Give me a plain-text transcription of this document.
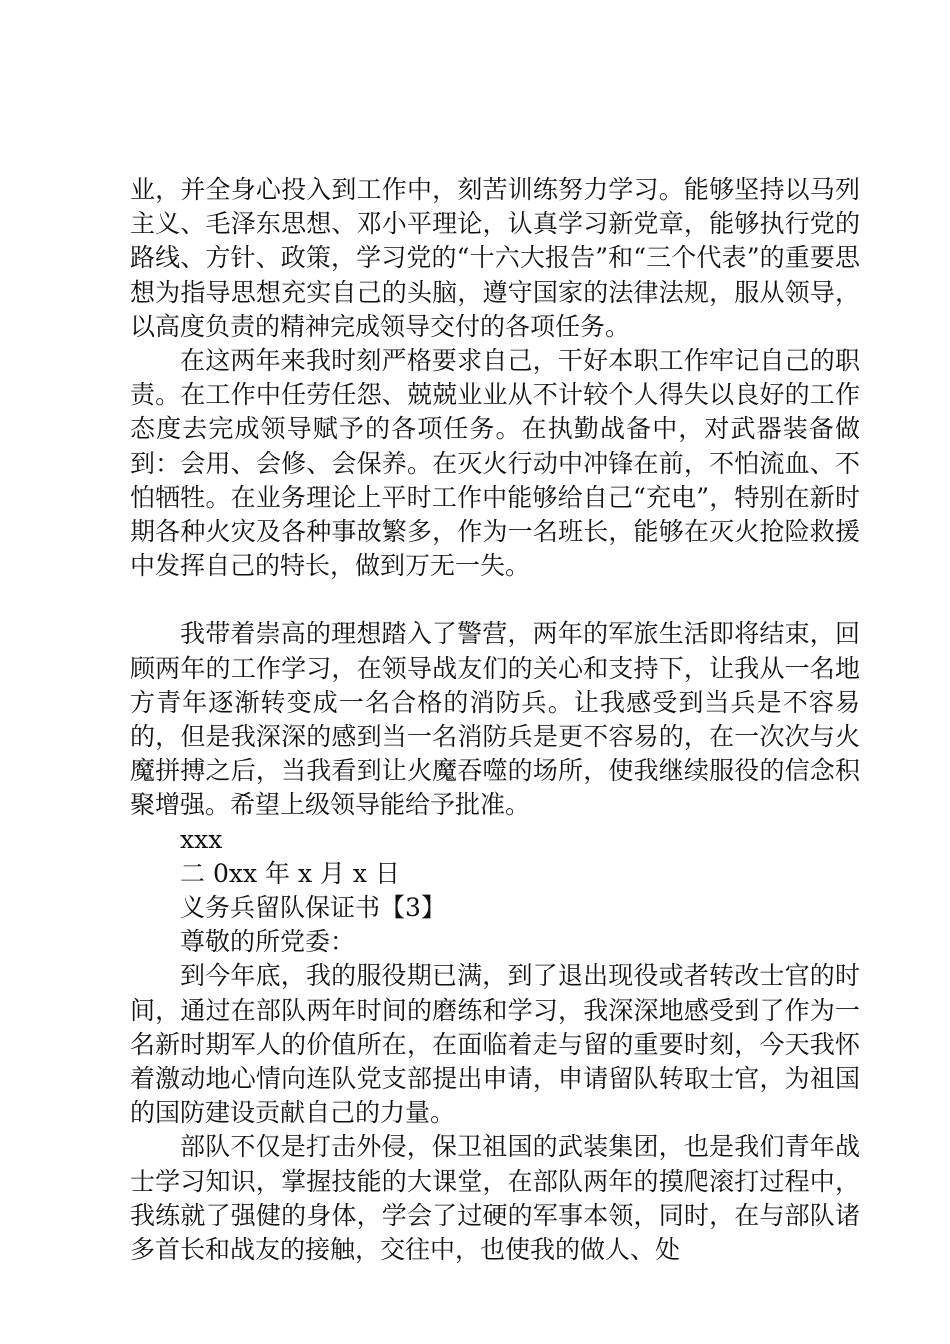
业，并全身心投入到工作中，刻苦训练努力学习。能够坚持以马列主义、毛泽东思想、邓小平理论，认真学习新党章，能够执行党的路线、方针、政策，学习党的“十六大报告”和“三个代表”的重要思想为指导思想充实自己的头脑，遵守国家的法律法规，服从领导，以高度负责的精神完成领导交付的各项任务。

在这两年来我时刻严格要求自己，干好本职工作牢记自己的职责。在工作中任劳任怨、兢兢业业从不计较个人得失以良好的工作态度去完成领导赋予的各项任务。在执勤战备中，对武器装备做到：会用、会修、会保养。在灭火行动中冲锋在前，不怕流血、不怕牺牲。在业务理论上平时工作中能够给自己“充电”，特别在新时期各种火灾及各种事故繁多，作为一名班长，能够在灭火抢险救援中发挥自己的特长，做到万无一失。

我带着崇高的理想踏入了警营，两年的军旅生活即将结束，回顾两年的工作学习，在领导战友们的关心和支持下，让我从一名地方青年逐渐转变成一名合格的消防兵。让我感受到当兵是不容易的，但是我深深的感到当一名消防兵是更不容易的，在一次次与火魔拼搏之后，当我看到让火魔吞噬的场所，使我继续服役的信念积聚增强。希望上级领导能给予批准。

xxx

二 0xx 年 x 月 x 日

义务兵留队保证书【3】

尊敬的所党委：

到今年底，我的服役期已满，到了退出现役或者转改士官的时间，通过在部队两年时间的磨练和学习，我深深地感受到了作为一名新时期军人的价值所在，在面临着走与留的重要时刻，今天我怀着激动地心情向连队党支部提出申请，申请留队转取士官，为祖国的国防建设贡献自己的力量。

部队不仅是打击外侵，保卫祖国的武装集团，也是我们青年战士学习知识，掌握技能的大课堂，在部队两年的摸爬滚打过程中，我练就了强健的身体，学会了过硬的军事本领，同时，在与部队诸多首长和战友的接触，交往中，也使我的做人、处
